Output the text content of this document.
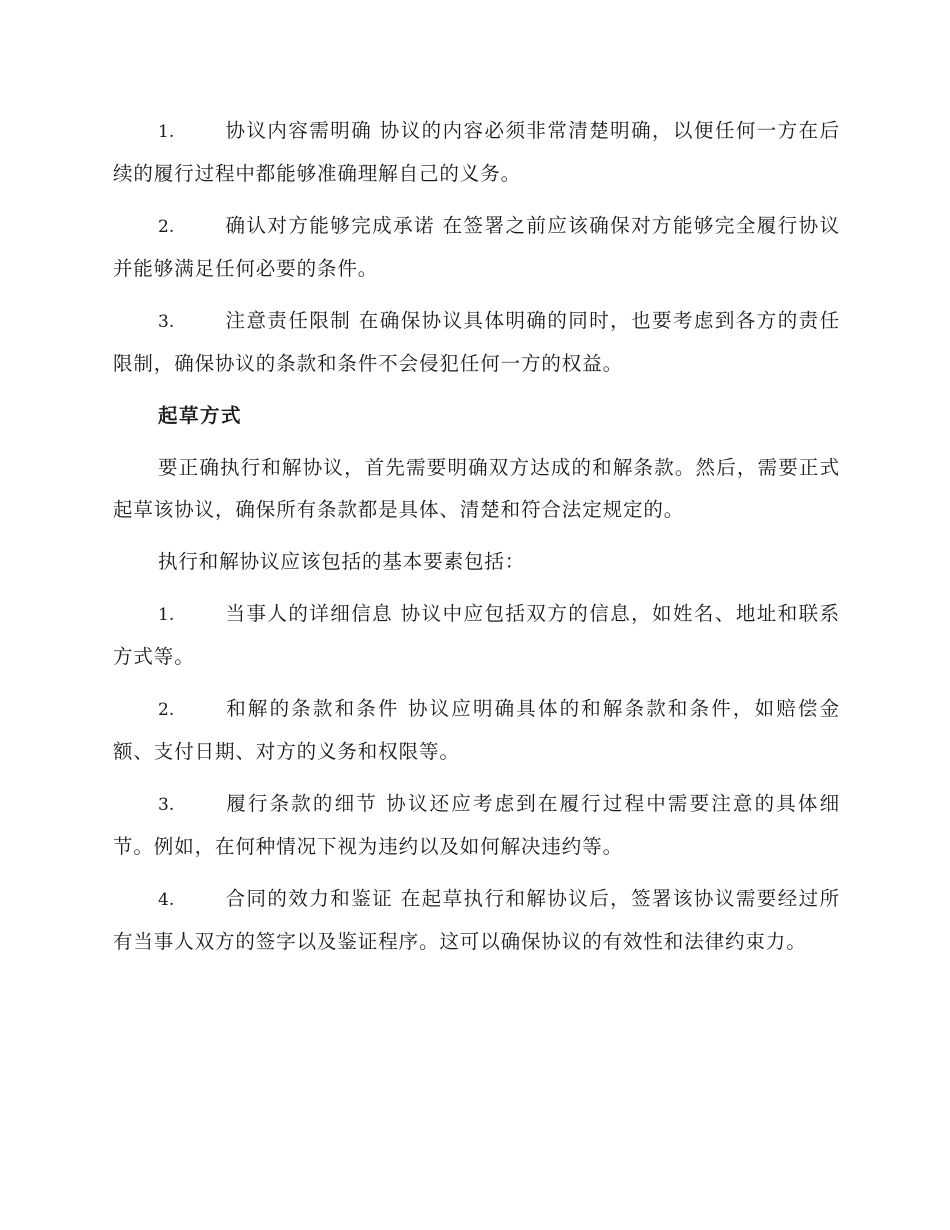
1.	协议内容需明确 协议的内容必须非常清楚明确，以便任何一方在后续的履行过程中都能够准确理解自己的义务。

2.	确认对方能够完成承诺 在签署之前应该确保对方能够完全履行协议并能够满足任何必要的条件。

3.	注意责任限制 在确保协议具体明确的同时，也要考虑到各方的责任限制，确保协议的条款和条件不会侵犯任何一方的权益。

起草方式

要正确执行和解协议，首先需要明确双方达成的和解条款。然后，需要正式起草该协议，确保所有条款都是具体、清楚和符合法定规定的。

执行和解协议应该包括的基本要素包括：

1.	当事人的详细信息 协议中应包括双方的信息，如姓名、地址和联系方式等。

2.	和解的条款和条件 协议应明确具体的和解条款和条件，如赔偿金额、支付日期、对方的义务和权限等。

3.	履行条款的细节 协议还应考虑到在履行过程中需要注意的具体细节。例如，在何种情况下视为违约以及如何解决违约等。

4.	合同的效力和鉴证 在起草执行和解协议后，签署该协议需要经过所有当事人双方的签字以及鉴证程序。这可以确保协议的有效性和法律约束力。
